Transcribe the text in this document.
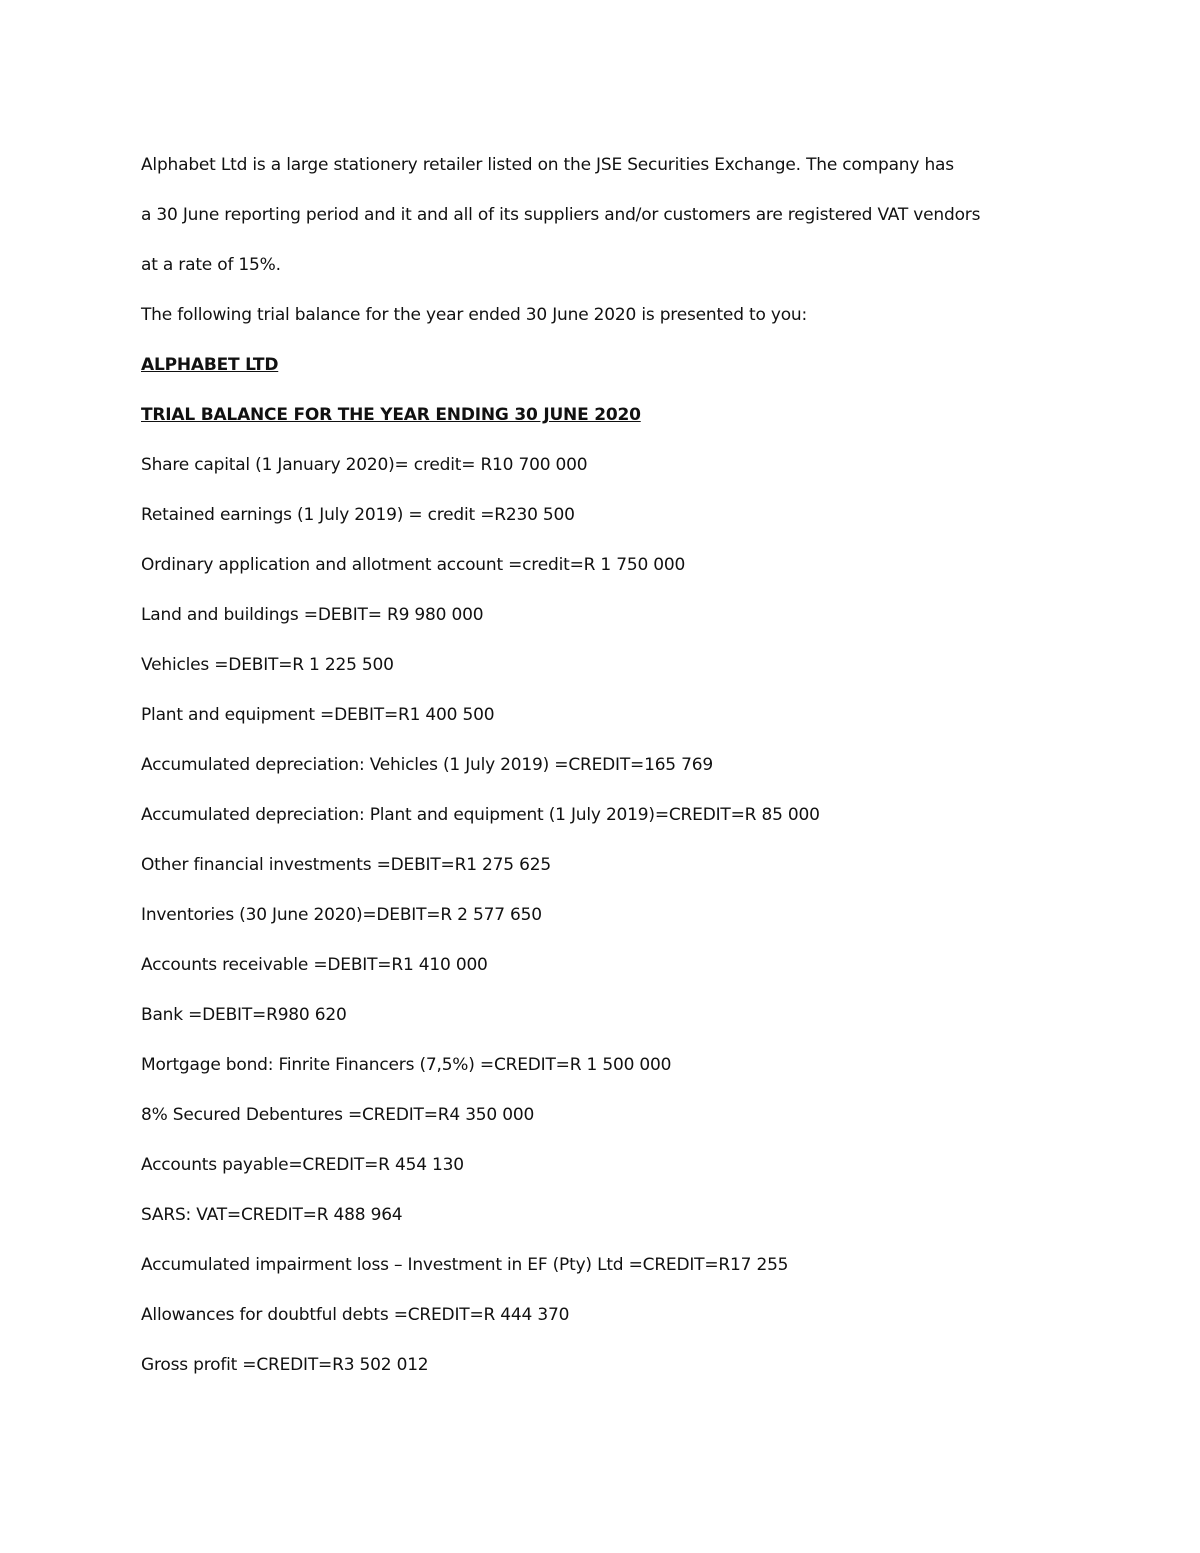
Alphabet Ltd is a large stationery retailer listed on the JSE Securities Exchange. The company has
a 30 June reporting period and it and all of its suppliers and/or customers are registered VAT vendors
at a rate of 15%.
The following trial balance for the year ended 30 June 2020 is presented to you:
ALPHABET LTD
TRIAL BALANCE FOR THE YEAR ENDING 30 JUNE 2020
Share capital (1 January 2020)= credit= R10 700 000
Retained earnings (1 July 2019) = credit =R230 500
Ordinary application and allotment account =credit=R 1 750 000
Land and buildings =DEBIT= R9 980 000
Vehicles =DEBIT=R 1 225 500
Plant and equipment =DEBIT=R1 400 500
Accumulated depreciation: Vehicles (1 July 2019) =CREDIT=165 769
Accumulated depreciation: Plant and equipment (1 July 2019)=CREDIT=R 85 000
Other financial investments =DEBIT=R1 275 625
Inventories (30 June 2020)=DEBIT=R 2 577 650
Accounts receivable =DEBIT=R1 410 000
Bank =DEBIT=R980 620
Mortgage bond: Finrite Financers (7,5%) =CREDIT=R 1 500 000
8% Secured Debentures =CREDIT=R4 350 000
Accounts payable=CREDIT=R 454 130
SARS: VAT=CREDIT=R 488 964
Accumulated impairment loss – Investment in EF (Pty) Ltd =CREDIT=R17 255
Allowances for doubtful debts =CREDIT=R 444 370
Gross profit =CREDIT=R3 502 012
